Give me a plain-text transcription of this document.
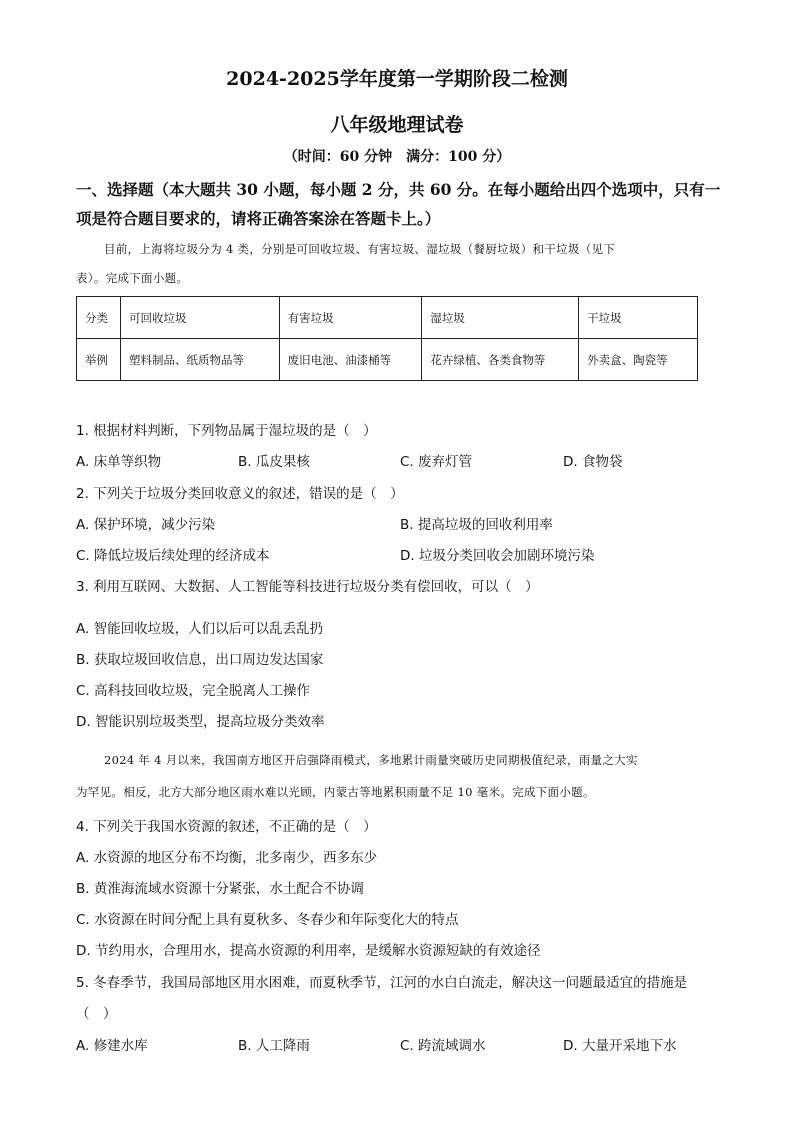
2024-2025学年度第一学期阶段二检测
八年级地理试卷
（时间：60 分钟　满分：100 分）
一、选择题（本大题共 30 小题，每小题 2 分，共 60 分。在每小题给出四个选项中，只有一
项是符合题目要求的，请将正确答案涂在答题卡上。）
目前，上海将垃圾分为 4 类，分别是可回收垃圾、有害垃圾、湿垃圾（餐厨垃圾）和干垃圾（见下
表）。完成下面小题。
分类	可回收垃圾	有害垃圾	湿垃圾	干垃圾
举例	塑料制品、纸质物品等	废旧电池、油漆桶等	花卉绿植、各类食物等	外卖盒、陶瓷等
1. 根据材料判断，下列物品属于湿垃圾的是（　）
A. 床单等织物	B. 瓜皮果核	C. 废弃灯管	D. 食物袋
2. 下列关于垃圾分类回收意义的叙述，错误的是（　）
A. 保护环境，减少污染	B. 提高垃圾的回收利用率
C. 降低垃圾后续处理的经济成本	D. 垃圾分类回收会加剧环境污染
3. 利用互联网、大数据、人工智能等科技进行垃圾分类有偿回收，可以（　）
A. 智能回收垃圾，人们以后可以乱丢乱扔
B. 获取垃圾回收信息，出口周边发达国家
C. 高科技回收垃圾，完全脱离人工操作
D. 智能识别垃圾类型，提高垃圾分类效率
2024 年 4 月以来，我国南方地区开启强降雨模式，多地累计雨量突破历史同期极值纪录，雨量之大实
为罕见。相反，北方大部分地区雨水难以光顾，内蒙古等地累积雨量不足 10 毫米。完成下面小题。
4. 下列关于我国水资源的叙述，不正确的是（　）
A. 水资源的地区分布不均衡，北多南少，西多东少
B. 黄淮海流域水资源十分紧张，水土配合不协调
C. 水资源在时间分配上具有夏秋多、冬春少和年际变化大的特点
D. 节约用水，合理用水，提高水资源的利用率，是缓解水资源短缺的有效途径
5. 冬春季节，我国局部地区用水困难，而夏秋季节，江河的水白白流走，解决这一问题最适宜的措施是
（　）
A. 修建水库	B. 人工降雨	C. 跨流域调水	D. 大量开采地下水
